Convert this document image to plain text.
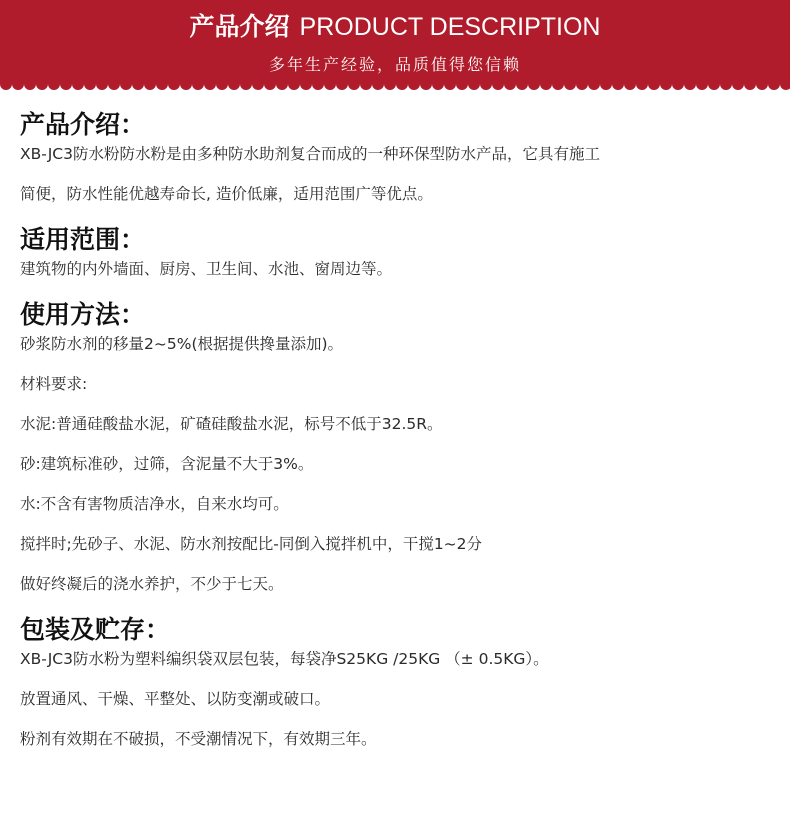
产品介绍 PRODUCT DESCRIPTION
多年生产经验，品质值得您信赖
产品介绍：

XB-JC3防水粉防水粉是由多种防水助剂复合而成的一种环保型防水产品，它具有施工

简便，防水性能优越寿命长, 造价低廉，适用范围广等优点。

适用范围：

建筑物的内外墙面、厨房、卫生间、水池、窗周边等。

使用方法：

砂浆防水剂的移量2~5%(根据提供搀量添加)。

材料要求:

水泥:普通硅酸盐水泥，矿碴硅酸盐水泥，标号不低于32.5R。

砂:建筑标准砂，过筛，含泥量不大于3%。

水:不含有害物质洁净水，自来水均可。

搅拌时;先砂子、水泥、防水剂按配比-同倒入搅拌机中，干搅1~2分

做好终凝后的浇水养护，不少于七天。

包装及贮存：

XB-JC3防水粉为塑料编织袋双层包装，每袋净S25KG /25KG （± 0.5KG）。

放置通风、干燥、平整处、以防变潮或破口。

粉剂有效期在不破损，不受潮情况下，有效期三年。
